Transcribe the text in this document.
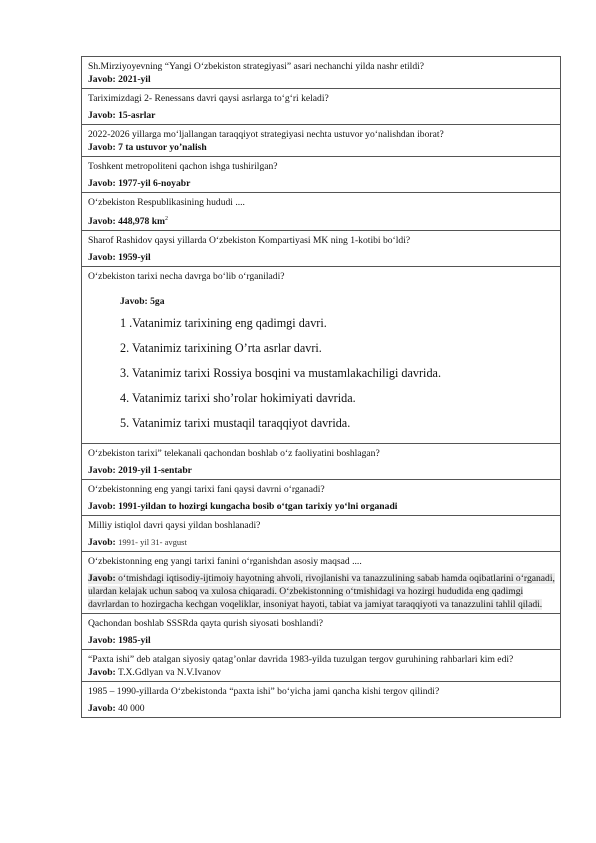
Sh.Mirziyoyevning “Yangi O‘zbekiston strategiyasi” asari nechanchi yilda nashr etildi?
Javob: 2021-yil

Tariximizdagi 2- Renessans davri qaysi asrlarga to‘g‘ri keladi?
Javob: 15-asrlar

2022-2026 yillarga mo‘ljallangan taraqqiyot strategiyasi nechta ustuvor yo‘nalishdan iborat?
Javob: 7 ta ustuvor yo’nalish

Toshkent metropoliteni qachon ishga tushirilgan?
Javob: 1977-yil 6-noyabr

O‘zbekiston Respublikasining hududi ....
Javob: 448,978 $km^2$

Sharof Rashidov qaysi yillarda O‘zbekiston Kompartiyasi MK ning 1-kotibi bo‘ldi?
Javob: 1959-yil

O‘zbekiston tarixi necha davrga bo‘lib o‘rganiladi?
Javob: 5ga
1 .Vatanimiz tarixining eng qadimgi davri.
2. Vatanimiz tarixining O’rta asrlar davri.
3. Vatanimiz tarixi Rossiya bosqini va mustamlakachiligi davrida.
4. Vatanimiz tarixi sho’rolar hokimiyati davrida.
5. Vatanimiz tarixi mustaqil taraqqiyot davrida.

O‘zbekiston tarixi” telekanali qachondan boshlab o‘z faoliyatini boshlagan?
Javob: 2019-yil 1-sentabr

O‘zbekistonning eng yangi tarixi fani qaysi davrni o‘rganadi?
Javob: 1991-yildan to hozirgi kungacha bosib o‘tgan tarixiy yo‘lni organadi

Milliy istiqlol davri qaysi yildan boshlanadi?
Javob: 1991- yil 31- avgust

O‘zbekistonning eng yangi tarixi fanini o‘rganishdan asosiy maqsad ....
Javob: o‘tmishdagi iqtisodiy-ijtimoiy hayotning ahvoli, rivojlanishi va tanazzulining sabab hamda oqibatlarini o‘rganadi, ulardan kelajak uchun saboq va xulosa chiqaradi. O‘zbekistonning o‘tmishidagi va hozirgi hududida eng qadimgi davrlardan to hozirgacha kechgan voqeliklar, insoniyat hayoti, tabiat va jamiyat taraqqiyoti va tanazzulini tahlil qiladi.

Qachondan boshlab SSSRda qayta qurish siyosati boshlandi?
Javob: 1985-yil

“Paxta ishi” deb atalgan siyosiy qatag’onlar davrida 1983-yilda tuzulgan tergov guruhining rahbarlari kim edi?
Javob: T.X.Gdlyan va N.V.Ivanov

1985 – 1990-yillarda O‘zbekistonda “paxta ishi” bo‘yicha jami qancha kishi tergov qilindi?
Javob: 40 000
